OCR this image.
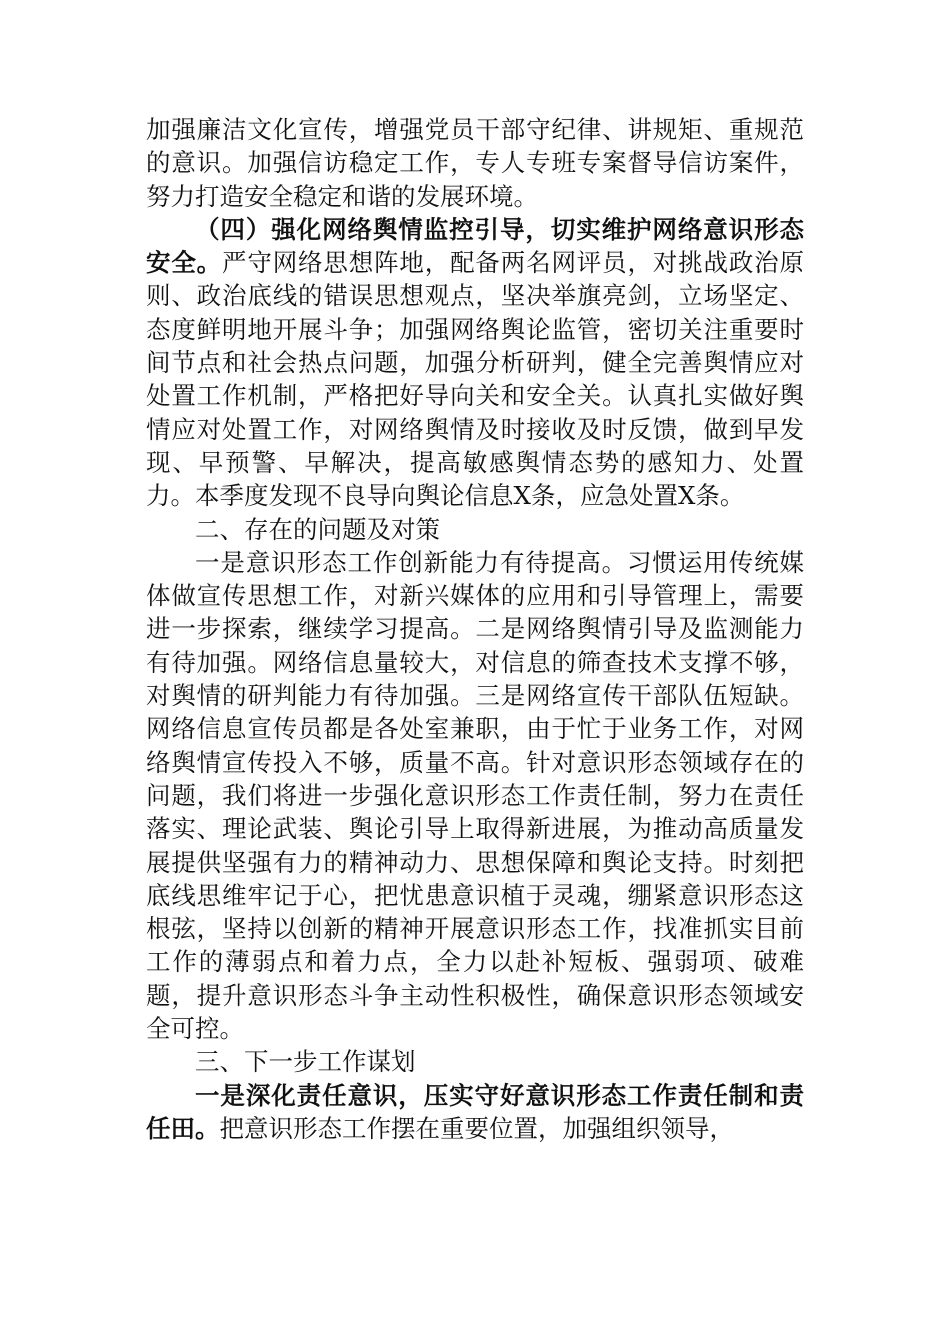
加强廉洁文化宣传，增强党员干部守纪律、讲规矩、重规范的意识。加强信访稳定工作，专人专班专案督导信访案件，努力打造安全稳定和谐的发展环境。

（四）强化网络舆情监控引导，切实维护网络意识形态安全。严守网络思想阵地，配备两名网评员，对挑战政治原则、政治底线的错误思想观点，坚决举旗亮剑，立场坚定、态度鲜明地开展斗争；加强网络舆论监管，密切关注重要时间节点和社会热点问题，加强分析研判，健全完善舆情应对处置工作机制，严格把好导向关和安全关。认真扎实做好舆情应对处置工作，对网络舆情及时接收及时反馈，做到早发现、早预警、早解决，提高敏感舆情态势的感知力、处置力。本季度发现不良导向舆论信息X条，应急处置X条。

二、存在的问题及对策

一是意识形态工作创新能力有待提高。习惯运用传统媒体做宣传思想工作，对新兴媒体的应用和引导管理上，需要进一步探索，继续学习提高。二是网络舆情引导及监测能力有待加强。网络信息量较大，对信息的筛查技术支撑不够，对舆情的研判能力有待加强。三是网络宣传干部队伍短缺。网络信息宣传员都是各处室兼职，由于忙于业务工作，对网络舆情宣传投入不够，质量不高。针对意识形态领域存在的问题，我们将进一步强化意识形态工作责任制，努力在责任落实、理论武装、舆论引导上取得新进展，为推动高质量发展提供坚强有力的精神动力、思想保障和舆论支持。时刻把底线思维牢记于心，把忧患意识植于灵魂，绷紧意识形态这根弦，坚持以创新的精神开展意识形态工作，找准抓实目前工作的薄弱点和着力点，全力以赴补短板、强弱项、破难题，提升意识形态斗争主动性积极性，确保意识形态领域安全可控。

三、下一步工作谋划

一是深化责任意识，压实守好意识形态工作责任制和责任田。把意识形态工作摆在重要位置，加强组织领导，
